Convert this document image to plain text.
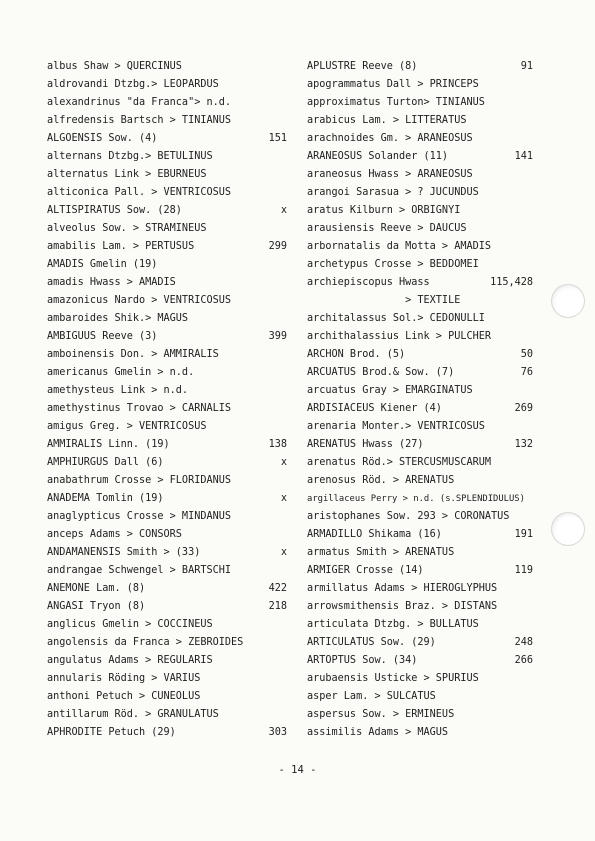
albus Shaw > QUERCINUS
aldrovandi Dtzbg.> LEOPARDUS
alexandrinus "da Franca"> n.d.
alfredensis Bartsch > TINIANUS
ALGOENSIS Sow. (4)	151
alternans Dtzbg.> BETULINUS
alternatus Link > EBURNEUS
alticonica Pall. > VENTRICOSUS
ALTISPIRATUS Sow. (28)	x
alveolus Sow. > STRAMINEUS
amabilis Lam. > PERTUSUS	299
AMADIS Gmelin (19)
amadis Hwass > AMADIS
amazonicus Nardo > VENTRICOSUS
ambaroides Shik.> MAGUS
AMBIGUUS Reeve (3)	399
amboinensis Don. > AMMIRALIS
americanus Gmelin > n.d.
amethysteus Link > n.d.
amethystinus Trovao > CARNALIS
amigus Greg. > VENTRICOSUS
AMMIRALIS Linn. (19)	138
AMPHIURGUS Dall (6)	x
anabathrum Crosse > FLORIDANUS
ANADEMA Tomlin (19)	x
anaglypticus Crosse > MINDANUS
anceps Adams > CONSORS
ANDAMANENSIS Smith > (33)	x
andrangae Schwengel > BARTSCHI
ANEMONE Lam. (8)	422
ANGASI Tryon (8)	218
anglicus Gmelin > COCCINEUS
angolensis da Franca > ZEBROIDES
angulatus Adams > REGULARIS
annularis Röding > VARIUS
anthoni Petuch > CUNEOLUS
antillarum Röd. > GRANULATUS
APHRODITE Petuch (29)	303
APLUSTRE Reeve (8)	91
apogrammatus Dall > PRINCEPS
approximatus Turton> TINIANUS
arabicus Lam. > LITTERATUS
arachnoides Gm. > ARANEOSUS
ARANEOSUS Solander (11)	141
araneosus Hwass > ARANEOSUS
arangoi Sarasua > ? JUCUNDUS
aratus Kilburn > ORBIGNYI
arausiensis Reeve > DAUCUS
arbornatalis da Motta > AMADIS
archetypus Crosse > BEDDOMEI
archiepiscopus Hwass	115,428
> TEXTILE
architalassus Sol.> CEDONULLI
archithalassius Link > PULCHER
ARCHON Brod. (5)	50
ARCUATUS Brod.& Sow. (7)	76
arcuatus Gray > EMARGINATUS
ARDISIACEUS Kiener (4)	269
arenaria Monter.> VENTRICOSUS
ARENATUS Hwass (27)	132
arenatus Röd.> STERCUSMUSCARUM
arenosus Röd. > ARENATUS
argillaceus Perry > n.d. (s.SPLENDIDULUS)
aristophanes Sow. 293 > CORONATUS
ARMADILLO Shikama (16)	191
armatus Smith > ARENATUS
ARMIGER Crosse (14)	119
armillatus Adams > HIEROGLYPHUS
arrowsmithensis Braz. > DISTANS
articulata Dtzbg. > BULLATUS
ARTICULATUS Sow. (29)	248
ARTOPTUS Sow. (34)	266
arubaensis Usticke > SPURIUS
asper Lam. > SULCATUS
aspersus Sow. > ERMINEUS
assimilis Adams > MAGUS
- 14 -
